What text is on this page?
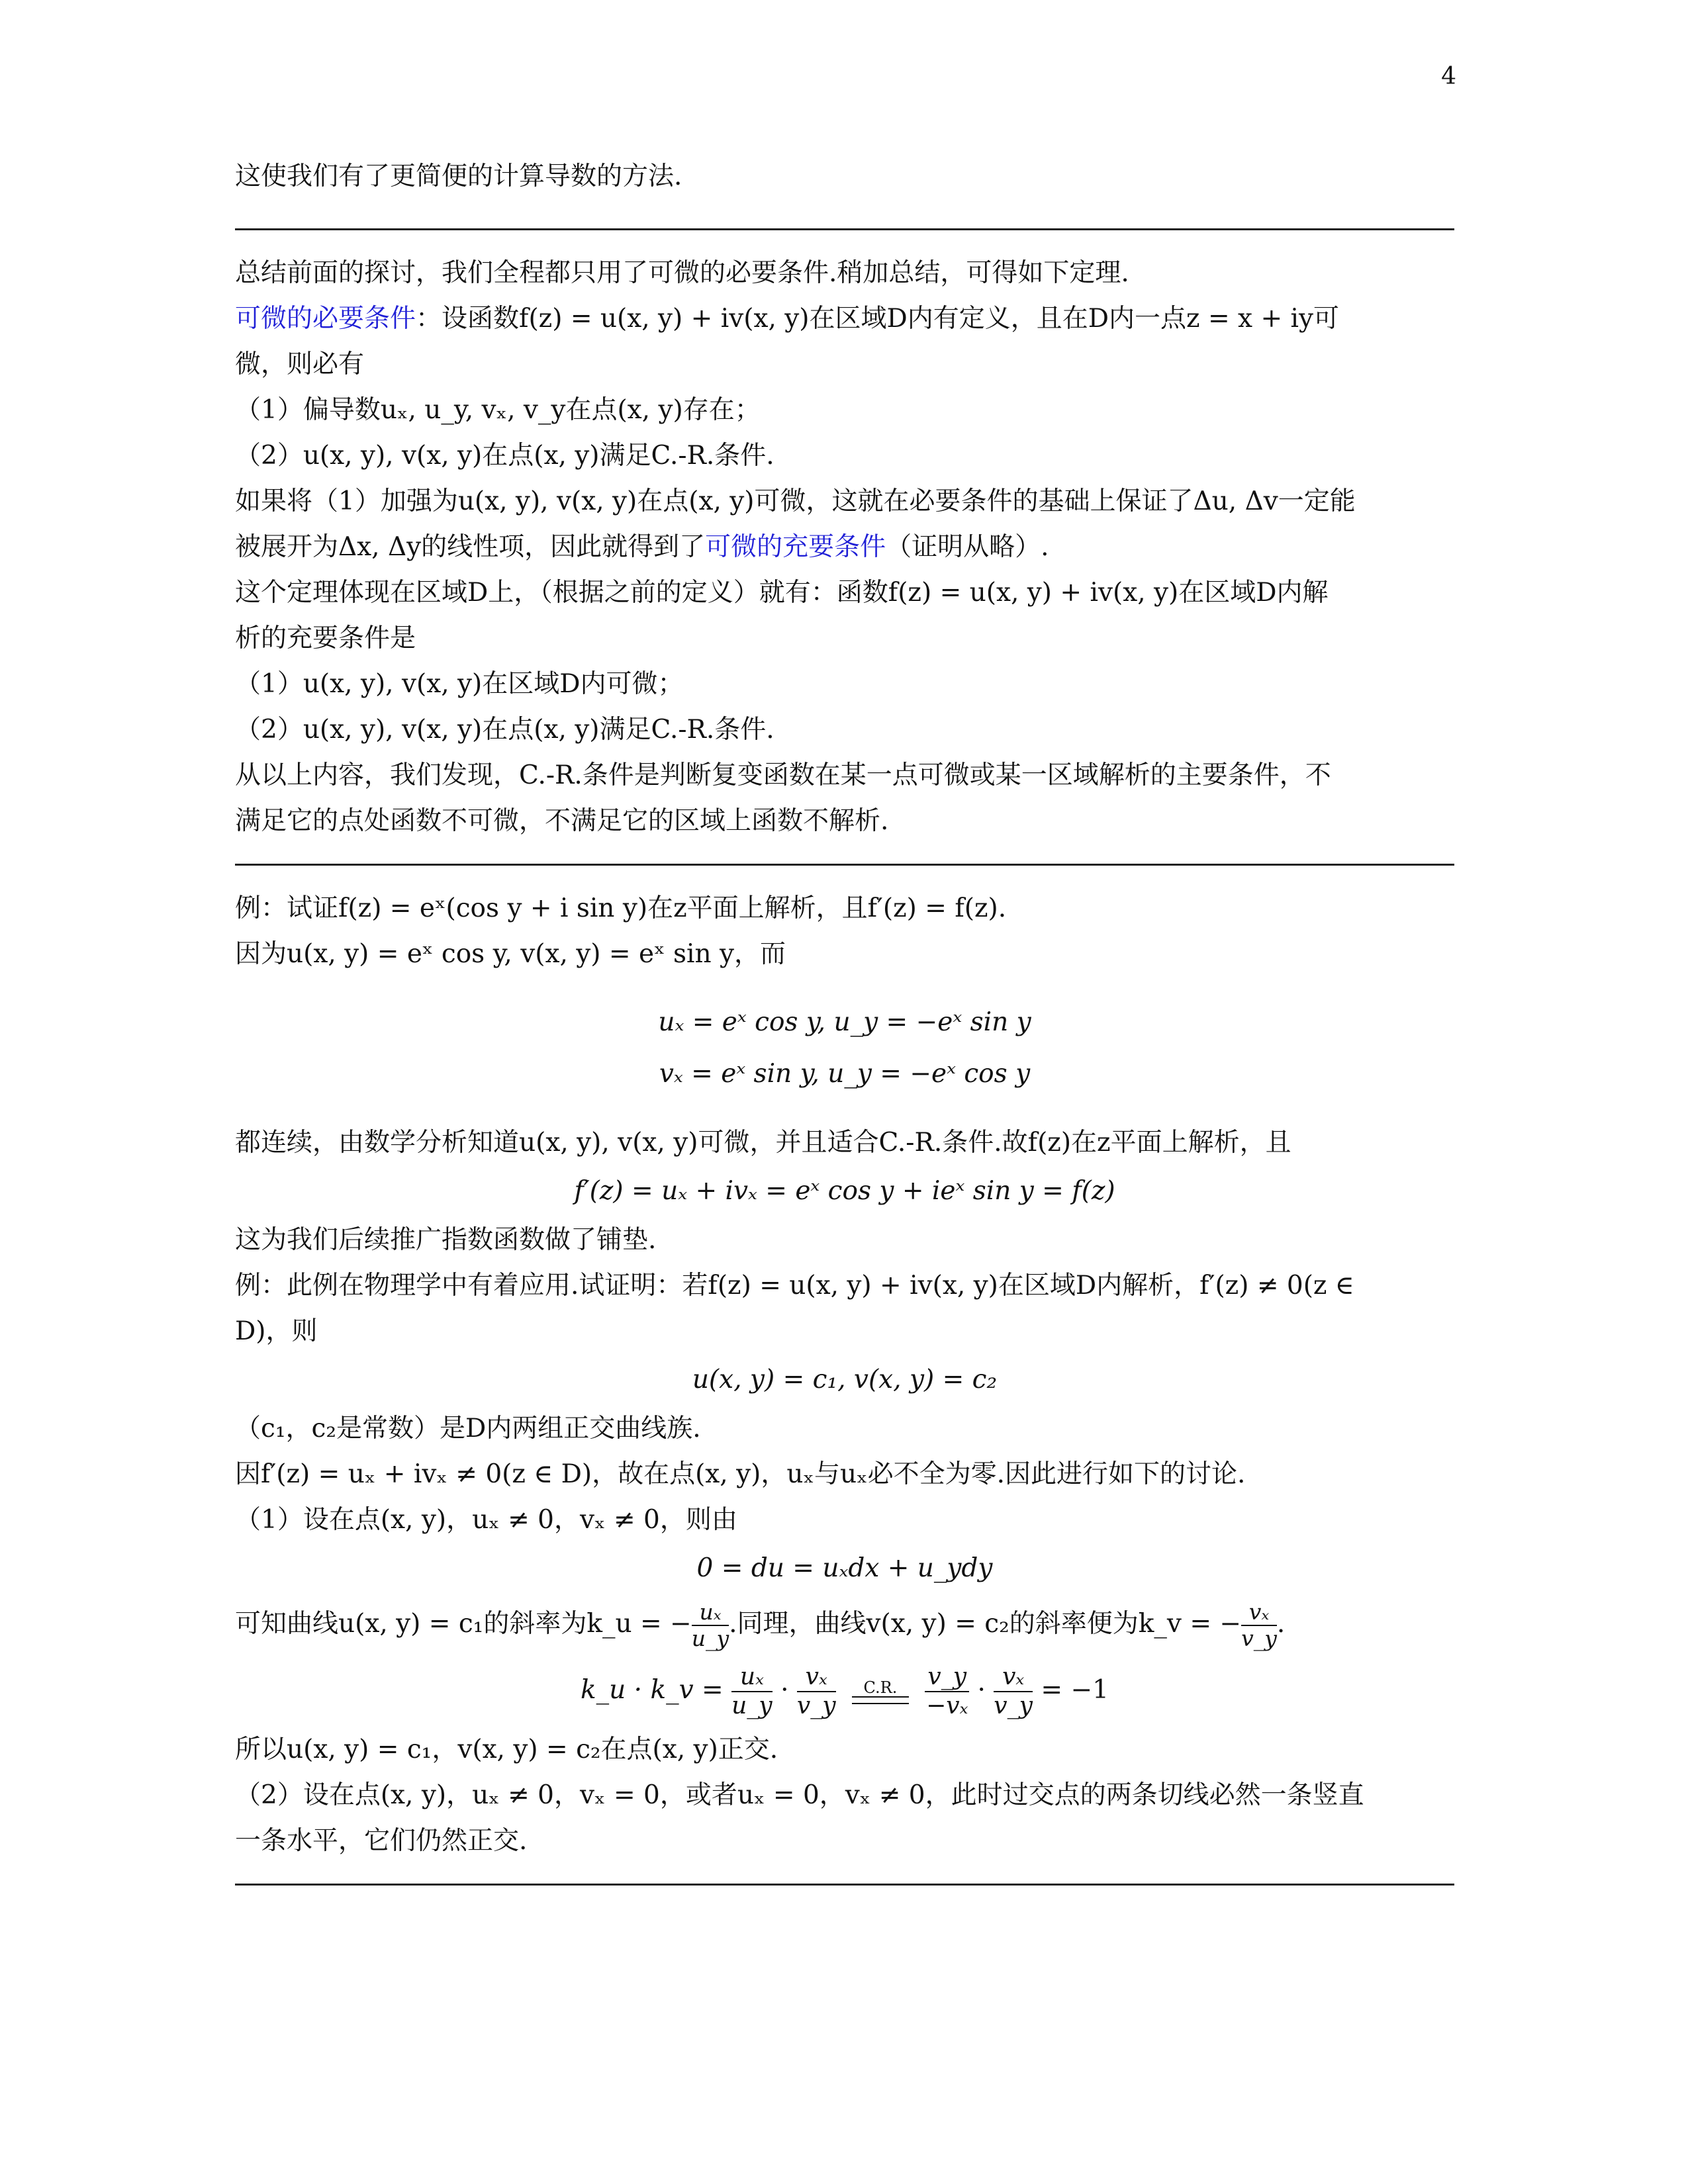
4
这使我们有了更简便的计算导数的方法.
总结前面的探讨，我们全程都只用了可微的必要条件.稍加总结，可得如下定理.
可微的必要条件：设函数f(z) = u(x, y) + iv(x, y)在区域D内有定义，且在D内一点z = x + iy可
微，则必有
（1）偏导数uₓ, u_y, vₓ, v_y在点(x, y)存在；
（2）u(x, y), v(x, y)在点(x, y)满足C.-R.条件.
如果将（1）加强为u(x, y), v(x, y)在点(x, y)可微，这就在必要条件的基础上保证了Δu, Δv一定能
被展开为Δx, Δy的线性项，因此就得到了可微的充要条件（证明从略）.
这个定理体现在区域D上，（根据之前的定义）就有：函数f(z) = u(x, y) + iv(x, y)在区域D内解
析的充要条件是
（1）u(x, y), v(x, y)在区域D内可微；
（2）u(x, y), v(x, y)在点(x, y)满足C.-R.条件.
从以上内容，我们发现，C.-R.条件是判断复变函数在某一点可微或某一区域解析的主要条件，不
满足它的点处函数不可微，不满足它的区域上函数不解析.
例：试证f(z) = eˣ(cos y + i sin y)在z平面上解析，且f′(z) = f(z).
因为u(x, y) = eˣ cos y, v(x, y) = eˣ sin y，而
uₓ = eˣ cos y, u_y = −eˣ sin y
vₓ = eˣ sin y, u_y = −eˣ cos y
都连续，由数学分析知道u(x, y), v(x, y)可微，并且适合C.-R.条件.故f(z)在z平面上解析，且
f′(z) = uₓ + ivₓ = eˣ cos y + ieˣ sin y = f(z)
这为我们后续推广指数函数做了铺垫.
例：此例在物理学中有着应用.试证明：若f(z) = u(x, y) + iv(x, y)在区域D内解析，f′(z) ≠ 0(z ∈
D)，则
u(x, y) = c₁, v(x, y) = c₂
（c₁，c₂是常数）是D内两组正交曲线族.
因f′(z) = uₓ + ivₓ ≠ 0(z ∈ D)，故在点(x, y)，uₓ与uₓ必不全为零.因此进行如下的讨论.
（1）设在点(x, y)，uₓ ≠ 0，vₓ ≠ 0，则由
0 = du = uₓdx + u_ydy
可知曲线u(x, y) = c₁的斜率为k_u = − $\frac{\text{uₓ}}{u\_y}$ .同理，曲线v(x, y) = c₂的斜率便为k_v = − $\frac{\text{vₓ}}{v\_y}$ .
k_u · k_v = $\frac{\text{uₓ}}{u\_y} \cdot \frac{\text{vₓ}}{v\_y}$
	C.R.
	$\frac{v\_y}{\text{−vₓ}} \cdot \frac{\text{vₓ}}{v\_y} = -1$
所以u(x, y) = c₁，v(x, y) = c₂在点(x, y)正交.
（2）设在点(x, y)，uₓ ≠ 0，vₓ = 0，或者uₓ = 0，vₓ ≠ 0，此时过交点的两条切线必然一条竖直
一条水平，它们仍然正交.
